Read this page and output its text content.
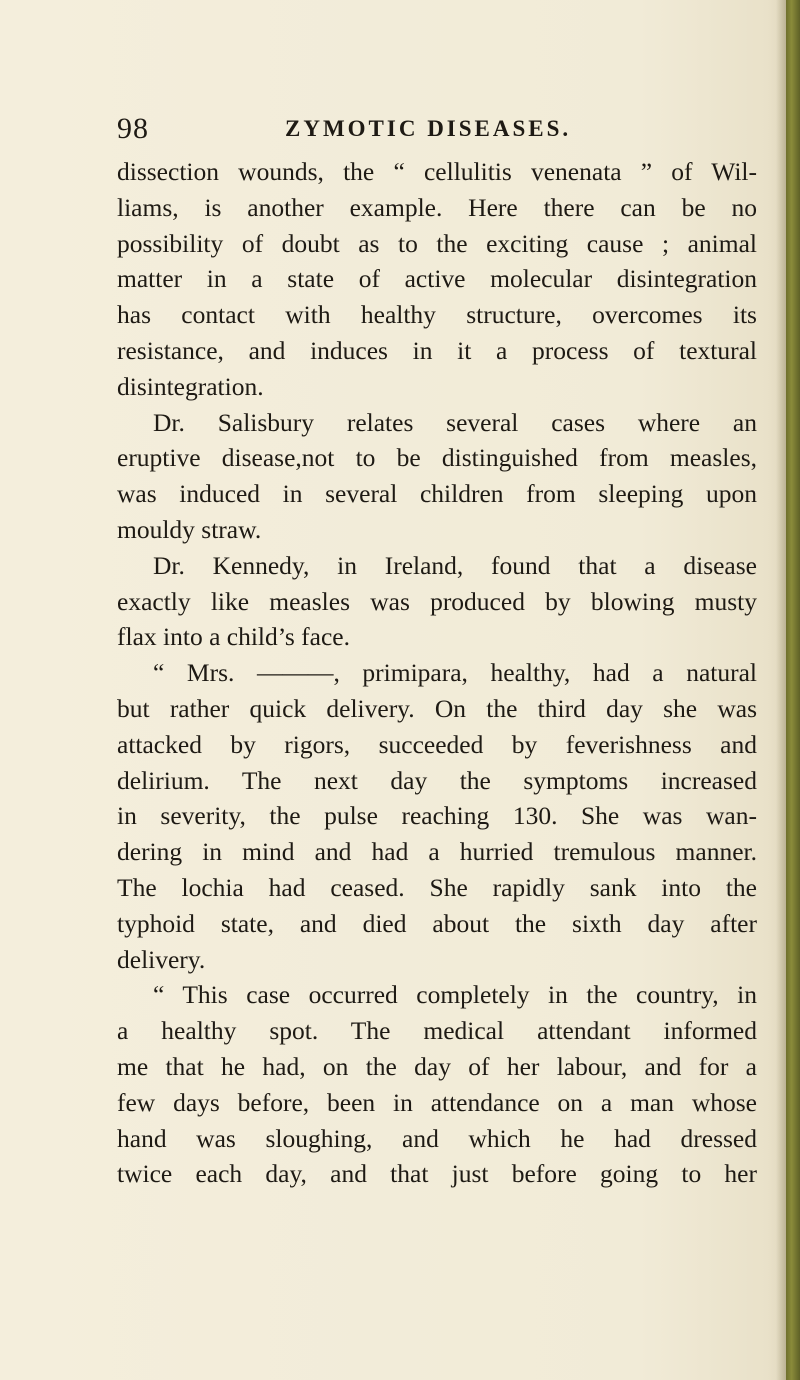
98	ZYMOTIC DISEASES.
dissection wounds, the “ cellulitis venenata ” of Wil-
liams, is another example. Here there can be no
possibility of doubt as to the exciting cause ; animal
matter in a state of active molecular disintegration
has contact with healthy structure, overcomes its
resistance, and induces in it a process of textural
disintegration.
Dr. Salisbury relates several cases where an
eruptive disease,not to be distinguished from measles,
was induced in several children from sleeping upon
mouldy straw.
Dr. Kennedy, in Ireland, found that a disease
exactly like measles was produced by blowing musty
flax into a child’s face.
“ Mrs. ———, primipara, healthy, had a natural
but rather quick delivery. On the third day she was
attacked by rigors, succeeded by feverishness and
delirium. The next day the symptoms increased
in severity, the pulse reaching 130. She was wan-
dering in mind and had a hurried tremulous manner.
The lochia had ceased. She rapidly sank into the
typhoid state, and died about the sixth day after
delivery.
“ This case occurred completely in the country, in
a healthy spot. The medical attendant informed
me that he had, on the day of her labour, and for a
few days before, been in attendance on a man whose
hand was sloughing, and which he had dressed
twice each day, and that just before going to her
